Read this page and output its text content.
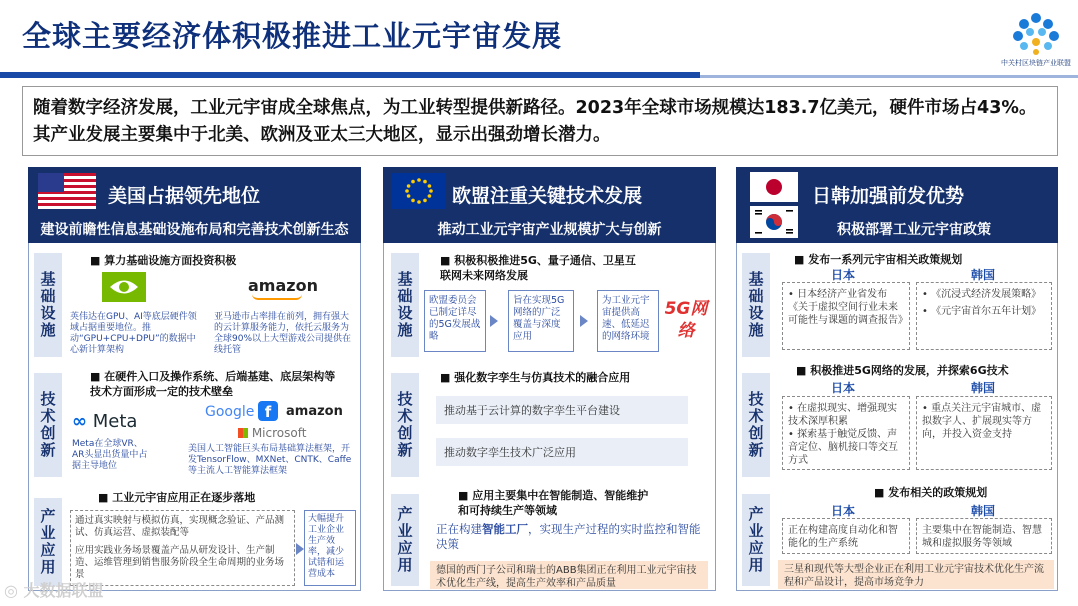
全球主要经济体积极推进工业元宇宙发展
中关村区块链产业联盟
随着数字经济发展，工业元宇宙成全球焦点，为工业转型提供新路径。2023年全球市场规模达183.7亿美元，硬件市场占43%。其产业发展主要集中于北美、欧洲及亚太三大地区，显示出强劲增长潜力。
美国占据领先地位
建设前瞻性信息基础设施布局和完善技术创新生态
基础设施
■ 算力基础设施方面投资积极
英伟达在GPU、AI等底层硬件领域占据重要地位。推动“GPU+CPU+DPU”的数据中心新计算架构
amazon
亚马逊市占率排在前列，拥有强大的云计算服务能力，依托云服务为全球90%以上大型游戏公司提供在线托管
技术创新
■ 在硬件入口及操作系统、后端基建、底层架构等技术方面形成一定的技术壁垒
∞ Meta
Meta在全球VR、AR头显出货量中占据主导地位
Google f	amazon
Microsoft
美国人工智能巨头布局基础算法框架，开发TensorFlow、MXNet、CNTK、Caffe等主流人工智能算法框架
产业应用
■ 工业元宇宙应用正在逐步落地
通过真实映射与模拟仿真，实现概念验证、产品测试、仿真运营、虚拟装配等
应用实践业务场景覆盖产品从研发设计、生产制造、运维管理到销售服务阶段全生命周期的业务场景
大幅提升工业企业生产效率，减少试错和运营成本
欧盟注重关键技术发展
推动工业元宇宙产业规模扩大与创新
基础设施
■ 积极积极推进5G、量子通信、卫星互联网未来网络发展
欧盟委员会已制定详尽的5G发展战略
旨在实现5G网络的广泛覆盖与深度应用
为工业元宇宙提供高速、低延迟的网络环境
5G网络
技术创新
■ 强化数字孪生与仿真技术的融合应用
推动基于云计算的数字孪生平台建设
推动数字孪生技术广泛应用
产业应用
■ 应用主要集中在智能制造、智能维护和可持续生产等领域
正在构建智能工厂，实现生产过程的实时监控和智能决策
德国的西门子公司和瑞士的ABB集团正在利用工业元宇宙技术优化生产线，提高生产效率和产品质量
日韩加强前发优势
积极部署工业元宇宙政策
基础设施
■ 发布一系列元宇宙相关政策规划
日本	韩国
• 日本经济产业省发布《关于虚拟空间行业未来可能性与课题的调查报告》
• 《沉浸式经济发展策略》
• 《元宇宙首尔五年计划》
技术创新
■ 积极推进5G网络的发展，并探索6G技术
日本	韩国
• 在虚拟现实、增强现实技术深厚积累
• 探索基于触觉反馈、声音定位、脑机接口等交互方式
• 重点关注元宇宙城市、虚拟数字人、扩展现实等方向，并投入资金支持
产业应用
■ 发布相关的政策规划
日本	韩国
正在构建高度自动化和智能化的生产系统
主要集中在智能制造、智慧城和虚拟服务等领域
三星和现代等大型企业正在利用工业元宇宙技术优化生产流程和产品设计，提高市场竞争力
◎ 大数据联盟
